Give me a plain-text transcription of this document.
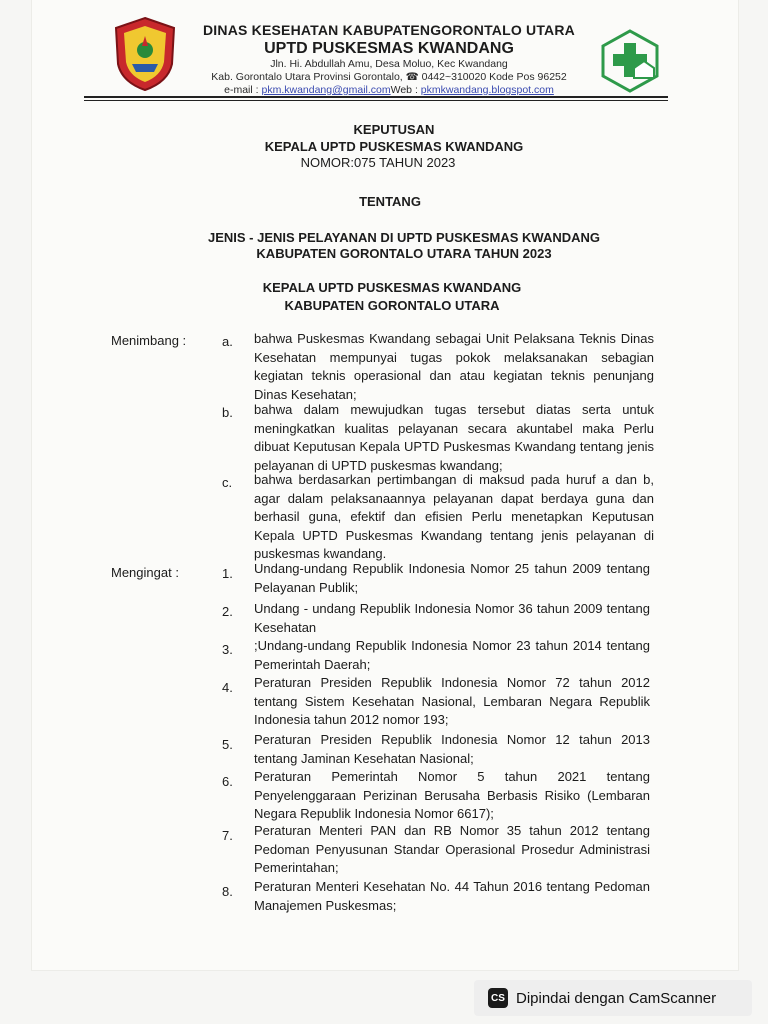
DINAS KESEHATAN KABUPATENGORONTALO UTARA
UPTD PUSKESMAS KWANDANG
Jln. Hi. Abdullah Amu, Desa Moluo, Kec Kwandang
Kab. Gorontalo Utara Provinsi Gorontalo, ☎ 0442~310020 Kode Pos 96252
e-mail : pkm.kwandang@gmail.comWeb : pkmkwandang.blogspot.com
KEPUTUSAN
KEPALA UPTD PUSKESMAS KWANDANG
NOMOR:075 TAHUN 2023
TENTANG
JENIS - JENIS PELAYANAN DI UPTD PUSKESMAS KWANDANG
KABUPATEN GORONTALO UTARA TAHUN 2023
KEPALA UPTD PUSKESMAS KWANDANG
KABUPATEN GORONTALO UTARA
Menimbang :	a. bahwa Puskesmas Kwandang sebagai Unit Pelaksana Teknis Dinas Kesehatan mempunyai tugas pokok melaksanakan sebagian kegiatan teknis operasional dan atau kegiatan teknis penunjang Dinas Kesehatan;
b. bahwa dalam mewujudkan tugas tersebut diatas serta untuk meningkatkan kualitas pelayanan secara akuntabel maka Perlu dibuat Keputusan Kepala UPTD Puskesmas Kwandang tentang jenis pelayanan di UPTD puskesmas kwandang;
c. bahwa berdasarkan pertimbangan di maksud pada huruf a dan b, agar dalam pelaksanaannya pelayanan dapat berdaya guna dan berhasil guna, efektif dan efisien Perlu menetapkan Keputusan Kepala UPTD Puskesmas Kwandang tentang jenis pelayanan di puskesmas kwandang.
Mengingat :	1. Undang-undang Republik Indonesia Nomor 25 tahun 2009 tentang Pelayanan Publik;
2. Undang - undang Republik Indonesia Nomor 36 tahun 2009 tentang Kesehatan
3. ;Undang-undang Republik Indonesia Nomor 23 tahun 2014 tentang Pemerintah Daerah;
4. Peraturan Presiden Republik Indonesia Nomor 72 tahun 2012 tentang Sistem Kesehatan Nasional, Lembaran Negara Republik Indonesia tahun 2012 nomor 193;
5. Peraturan Presiden Republik Indonesia Nomor 12 tahun 2013 tentang Jaminan Kesehatan Nasional;
6. Peraturan Pemerintah Nomor 5 tahun 2021 tentang Penyelenggaraan Perizinan Berusaha Berbasis Risiko (Lembaran Negara Republik Indonesia Nomor 6617);
7. Peraturan Menteri PAN dan RB Nomor 35 tahun 2012 tentang Pedoman Penyusunan Standar Operasional Prosedur Administrasi Pemerintahan;
8. Peraturan Menteri Kesehatan No. 44 Tahun 2016 tentang Pedoman Manajemen Puskesmas;
CS Dipindai dengan CamScanner
